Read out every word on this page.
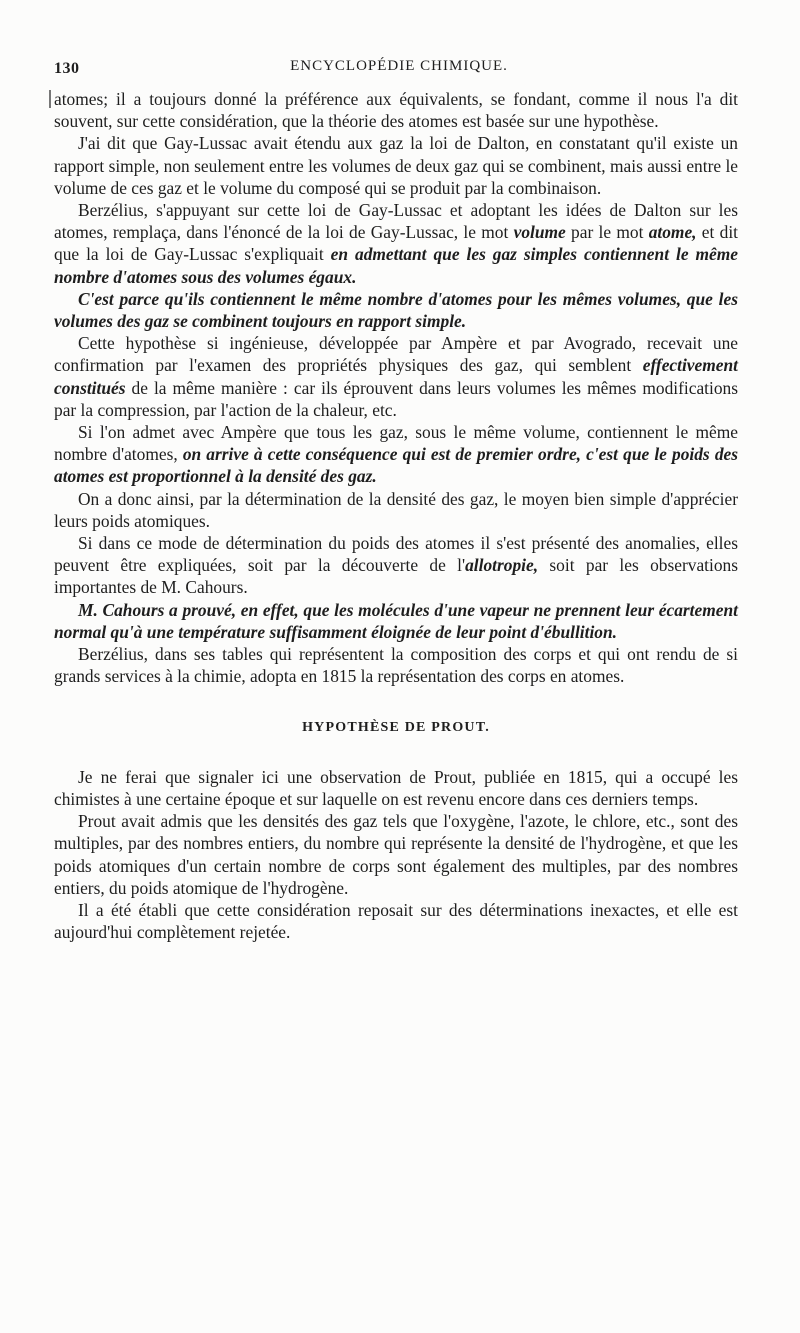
130	ENCYCLOPÉDIE CHIMIQUE.

atomes; il a toujours donné la préférence aux équivalents, se fondant, comme il nous l'a dit souvent, sur cette considération, que la théorie des atomes est basée sur une hypothèse.

J'ai dit que Gay-Lussac avait étendu aux gaz la loi de Dalton, en constatant qu'il existe un rapport simple, non seulement entre les volumes de deux gaz qui se combinent, mais aussi entre le volume de ces gaz et le volume du composé qui se produit par la combinaison.

Berzélius, s'appuyant sur cette loi de Gay-Lussac et adoptant les idées de Dalton sur les atomes, remplaça, dans l'énoncé de la loi de Gay-Lussac, le mot volume par le mot atome, et dit que la loi de Gay-Lussac s'expliquait en admettant que les gaz simples contiennent le même nombre d'atomes sous des volumes égaux.

C'est parce qu'ils contiennent le même nombre d'atomes pour les mêmes volumes, que les volumes des gaz se combinent toujours en rapport simple.

Cette hypothèse si ingénieuse, développée par Ampère et par Avogrado, recevait une confirmation par l'examen des propriétés physiques des gaz, qui semblent effectivement constitués de la même manière : car ils éprouvent dans leurs volumes les mêmes modifications par la compression, par l'action de la chaleur, etc.

Si l'on admet avec Ampère que tous les gaz, sous le même volume, contiennent le même nombre d'atomes, on arrive à cette conséquence qui est de premier ordre, c'est que le poids des atomes est proportionnel à la densité des gaz.

On a donc ainsi, par la détermination de la densité des gaz, le moyen bien simple d'apprécier leurs poids atomiques.

Si dans ce mode de détermination du poids des atomes il s'est présenté des anomalies, elles peuvent être expliquées, soit par la découverte de l'allotropie, soit par les observations importantes de M. Cahours.

M. Cahours a prouvé, en effet, que les molécules d'une vapeur ne prennent leur écartement normal qu'à une température suffisamment éloignée de leur point d'ébullition.

Berzélius, dans ses tables qui représentent la composition des corps et qui ont rendu de si grands services à la chimie, adopta en 1815 la représentation des corps en atomes.

HYPOTHÈSE DE PROUT.

Je ne ferai que signaler ici une observation de Prout, publiée en 1815, qui a occupé les chimistes à une certaine époque et sur laquelle on est revenu encore dans ces derniers temps.

Prout avait admis que les densités des gaz tels que l'oxygène, l'azote, le chlore, etc., sont des multiples, par des nombres entiers, du nombre qui représente la densité de l'hydrogène, et que les poids atomiques d'un certain nombre de corps sont également des multiples, par des nombres entiers, du poids atomique de l'hydrogène.

Il a été établi que cette considération reposait sur des déterminations inexactes, et elle est aujourd'hui complètement rejetée.
